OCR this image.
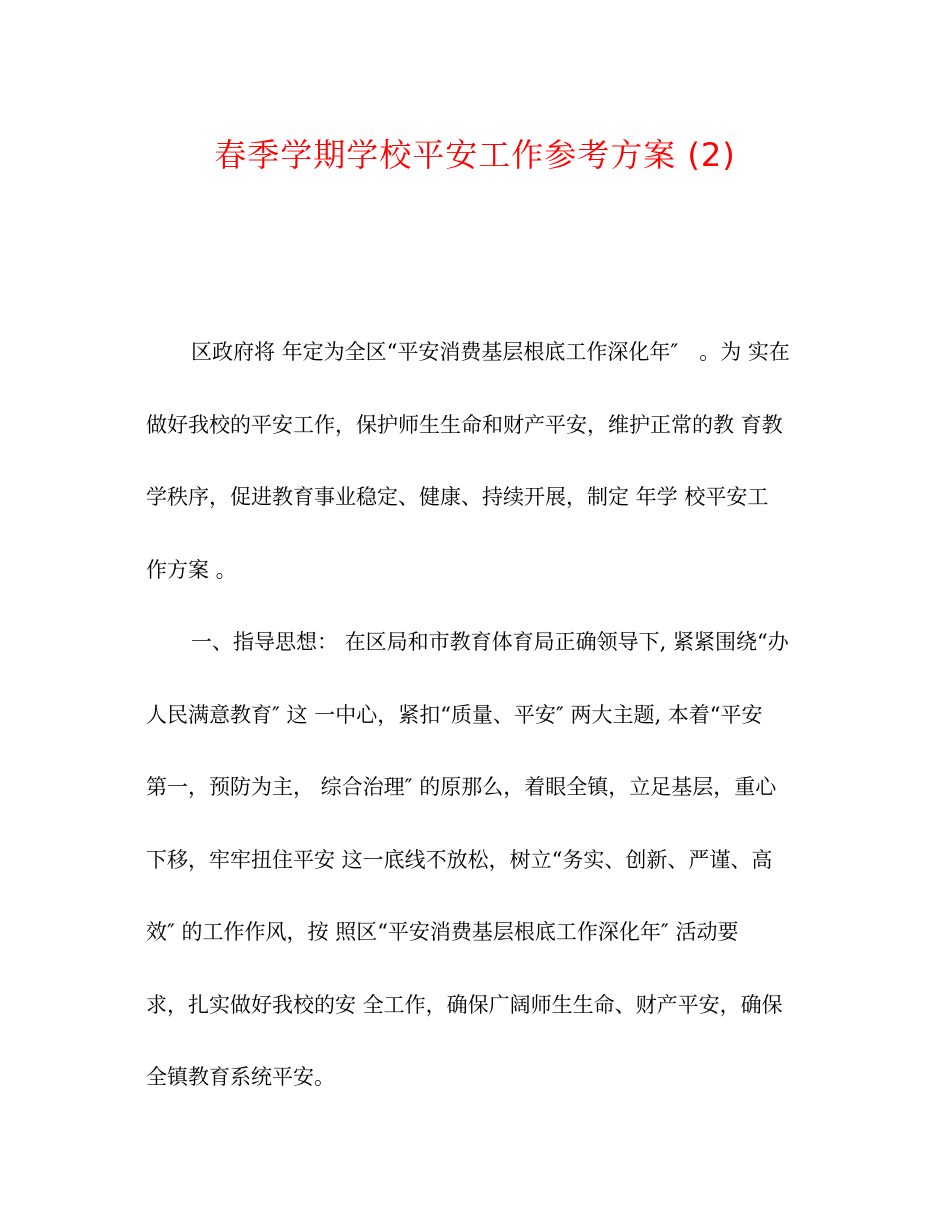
春季学期学校平安工作参考方案 (2)
区政府将 年定为全区“平安消费基层根底工作深化年″　。为 实在
做好我校的平安工作，保护师生生命和财产平安，维护正常的教 育教
学秩序，促进教育事业稳定、健康、持续开展，制定 年学 校平安工
作方案 。
一、指导思想： 在区局和市教育体育局正确领导下, 紧紧围绕“办
人民满意教育″ 这 一中心，紧扣“质量、平安″ 两大主题, 本着“平安
第一，预防为主， 综合治理″ 的原那么，着眼全镇，立足基层，重心
下移，牢牢扭住平安 这一底线不放松，树立“务实、创新、严谨、高
效″ 的工作作风，按 照区“平安消费基层根底工作深化年″ 活动要
求，扎实做好我校的安 全工作，确保广阔师生生命、财产平安，确保
全镇教育系统平安。
